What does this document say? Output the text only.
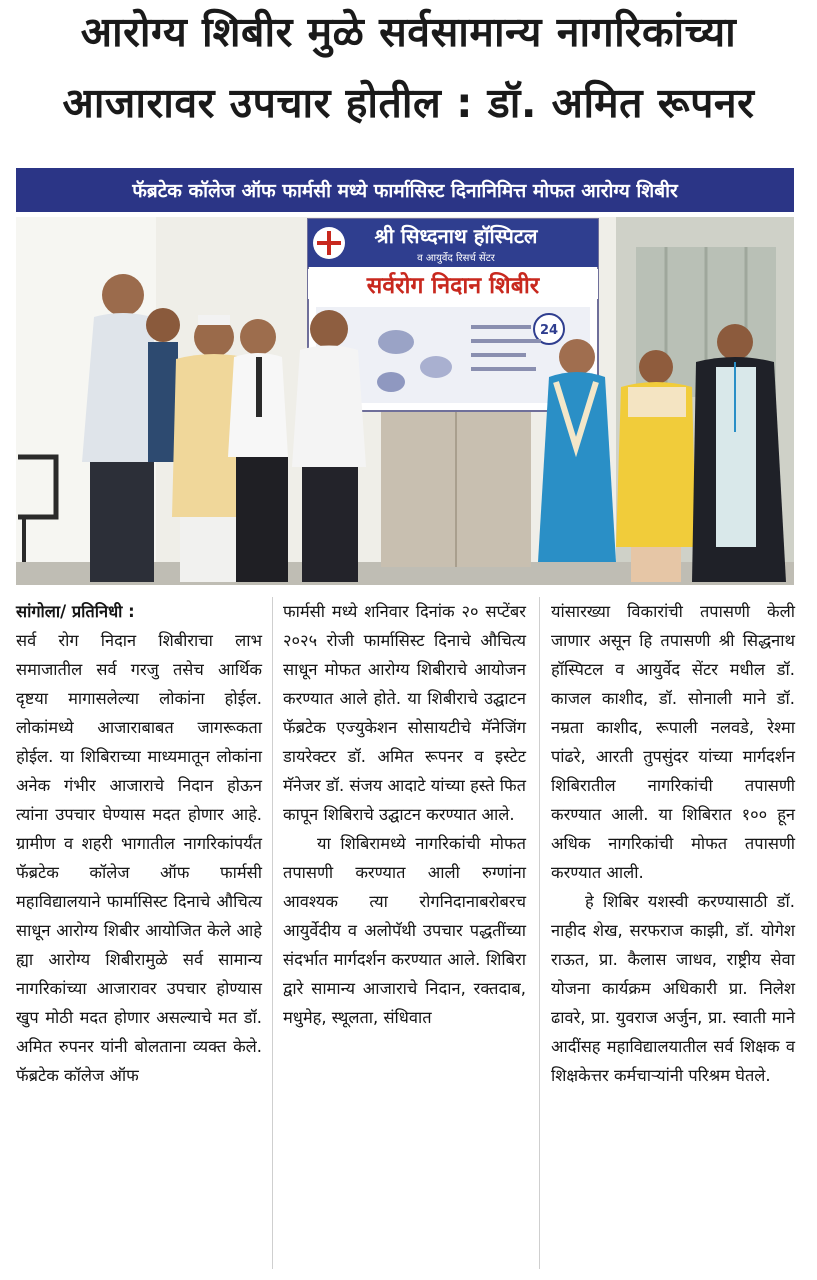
आरोग्य शिबीर मुळे सर्वसामान्य नागरिकांच्या
आजारावर उपचार होतील : डॉ. अमित रूपनर
फॅब्रटेक कॉलेज ऑफ फार्मसी मध्ये फार्मासिस्ट दिनानिमित्त मोफत आरोग्य शिबीर
श्री सिध्दनाथ हॉस्पिटल
व आयुर्वेद रिसर्च सेंटर
सर्वरोग निदान शिबीर
24

सांगोला/ प्रतिनिधी :
सर्व रोग निदान शिबीराचा लाभ समाजातील सर्व गरजु तसेच आर्थिक दृष्टया मागासलेल्या लोकांना होईल. लोकांमध्ये आजाराबाबत जागरूकता होईल. या शिबिराच्या माध्यमातून लोकांना अनेक गंभीर आजाराचे निदान होऊन त्यांना उपचार घेण्यास मदत होणार आहे. ग्रामीण व शहरी भागातील नागरिकांपर्यंत फॅब्रटेक कॉलेज ऑफ फार्मसी महाविद्यालयाने फार्मासिस्ट दिनाचे औचित्य साधून आरोग्य शिबीर आयोजित केले आहे ह्या आरोग्य शिबीरामुळे सर्व सामान्य नागरिकांच्या आजारावर उपचार होण्यास खुप मोठी मदत होणार असल्याचे मत डॉ. अमित रुपनर यांनी बोलताना व्यक्त केले. फॅब्रटेक कॉलेज ऑफ

फार्मसी मध्ये शनिवार दिनांक २० सप्टेंबर २०२५ रोजी फार्मासिस्ट दिनाचे औचित्य साधून मोफत आरोग्य शिबीराचे आयोजन करण्यात आले होते. या शिबीराचे उद्घाटन फॅब्रटेक एज्युकेशन सोसायटीचे मॅनेजिंग डायरेक्टर डॉ. अमित रूपनर व इस्टेट मॅनेजर डॉ. संजय आदाटे यांच्या हस्ते फित कापून शिबिराचे उद्घाटन करण्यात आले.

या शिबिरामध्ये नागरिकांची मोफत तपासणी करण्यात आली रुग्णांना आवश्यक त्या रोगनिदानाबरोबरच आयुर्वेदीय व अलोपॅथी उपचार पद्धतींच्या संदर्भात मार्गदर्शन करण्यात आले. शिबिरा द्वारे सामान्य आजाराचे निदान, रक्तदाब, मधुमेह, स्थूलता, संधिवात

यांसारख्या विकारांची तपासणी केली जाणार असून हि तपासणी श्री सिद्धनाथ हॉस्पिटल व आयुर्वेद सेंटर मधील डॉ. काजल काशीद, डॉ. सोनाली माने डॉ. नम्रता काशीद, रूपाली नलवडे, रेश्मा पांढरे, आरती तुपसुंदर यांच्या मार्गदर्शन शिबिरातील नागरिकांची तपासणी करण्यात आली. या शिबिरात १०० हून अधिक नागरिकांची मोफत तपासणी करण्यात आली.

हे शिबिर यशस्वी करण्यासाठी डॉ. नाहीद शेख, सरफराज काझी, डॉ. योगेश राऊत, प्रा. कैलास जाधव, राष्ट्रीय सेवा योजना कार्यक्रम अधिकारी प्रा. निलेश ढावरे, प्रा. युवराज अर्जुन, प्रा. स्वाती माने आदींसह महाविद्यालयातील सर्व शिक्षक व शिक्षकेत्तर कर्मचाऱ्यांनी परिश्रम घेतले.
